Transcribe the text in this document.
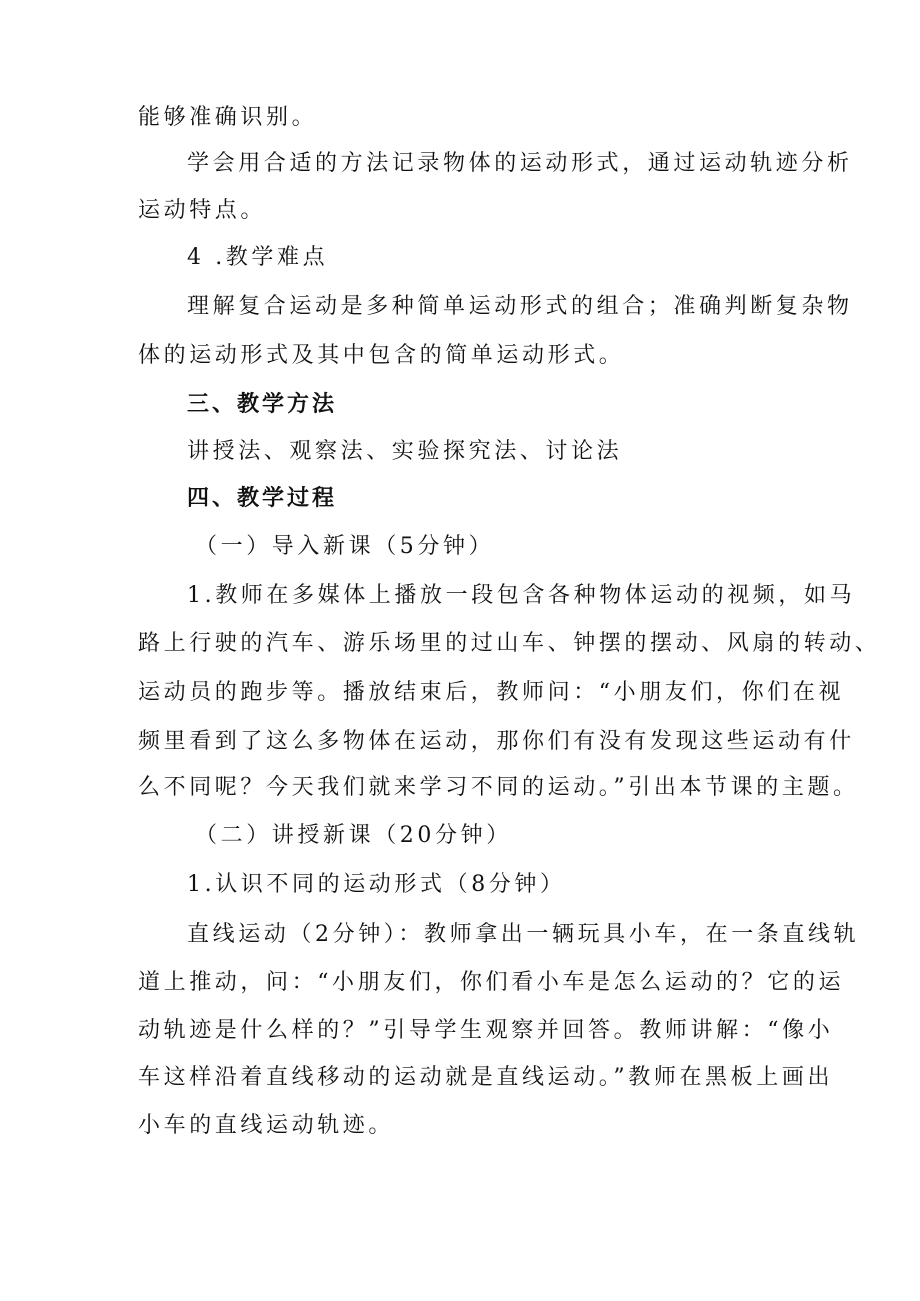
能够准确识别。
学会用合适的方法记录物体的运动形式，通过运动轨迹分析
运动特点。
4 .教学难点
理解复合运动是多种简单运动形式的组合；准确判断复杂物
体的运动形式及其中包含的简单运动形式。
三、教学方法
讲授法、观察法、实验探究法、讨论法
四、教学过程
（一）导入新课（5分钟）
1.教师在多媒体上播放一段包含各种物体运动的视频，如马
路上行驶的汽车、游乐场里的过山车、钟摆的摆动、风扇的转动、
运动员的跑步等。播放结束后，教师问：“小朋友们，你们在视
频里看到了这么多物体在运动，那你们有没有发现这些运动有什
么不同呢？今天我们就来学习不同的运动。”引出本节课的主题。
（二）讲授新课（20分钟）
1.认识不同的运动形式（8分钟）
直线运动（2分钟）：教师拿出一辆玩具小车，在一条直线轨
道上推动，问：“小朋友们，你们看小车是怎么运动的？它的运
动轨迹是什么样的？”引导学生观察并回答。教师讲解：“像小
车这样沿着直线移动的运动就是直线运动。”教师在黑板上画出
小车的直线运动轨迹。
